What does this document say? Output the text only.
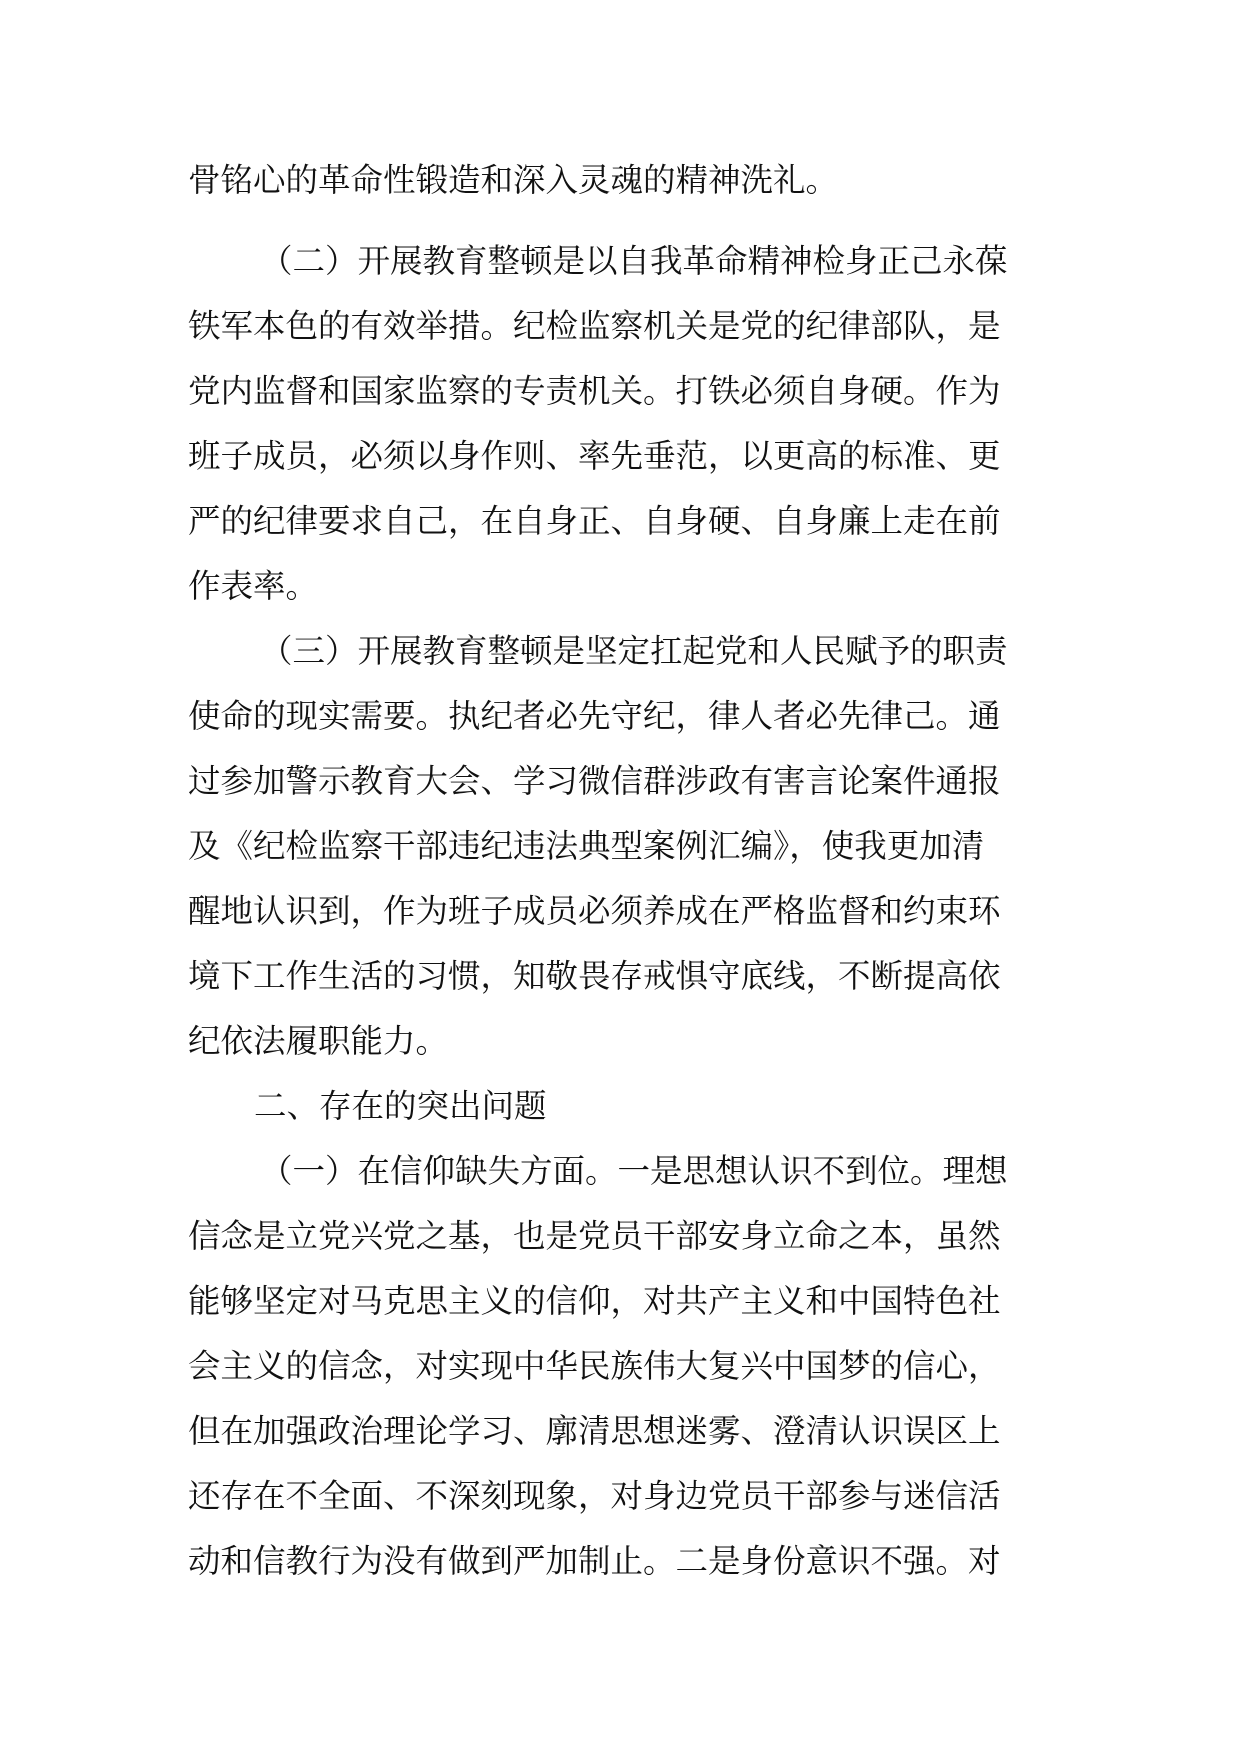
骨铭心的革命性锻造和深入灵魂的精神洗礼。
（二）开展教育整顿是以自我革命精神检身正己永葆
铁军本色的有效举措。纪检监察机关是党的纪律部队，是
党内监督和国家监察的专责机关。打铁必须自身硬。作为
班子成员，必须以身作则、率先垂范，以更高的标准、更
严的纪律要求自己，在自身正、自身硬、自身廉上走在前
作表率。
（三）开展教育整顿是坚定扛起党和人民赋予的职责
使命的现实需要。执纪者必先守纪，律人者必先律己。通
过参加警示教育大会、学习微信群涉政有害言论案件通报
及《纪检监察干部违纪违法典型案例汇编》，使我更加清
醒地认识到，作为班子成员必须养成在严格监督和约束环
境下工作生活的习惯，知敬畏存戒惧守底线，不断提高依
纪依法履职能力。
二、存在的突出问题
（一）在信仰缺失方面。一是思想认识不到位。理想
信念是立党兴党之基，也是党员干部安身立命之本，虽然
能够坚定对马克思主义的信仰，对共产主义和中国特色社
会主义的信念，对实现中华民族伟大复兴中国梦的信心，
但在加强政治理论学习、廓清思想迷雾、澄清认识误区上
还存在不全面、不深刻现象，对身边党员干部参与迷信活
动和信教行为没有做到严加制止。二是身份意识不强。对
